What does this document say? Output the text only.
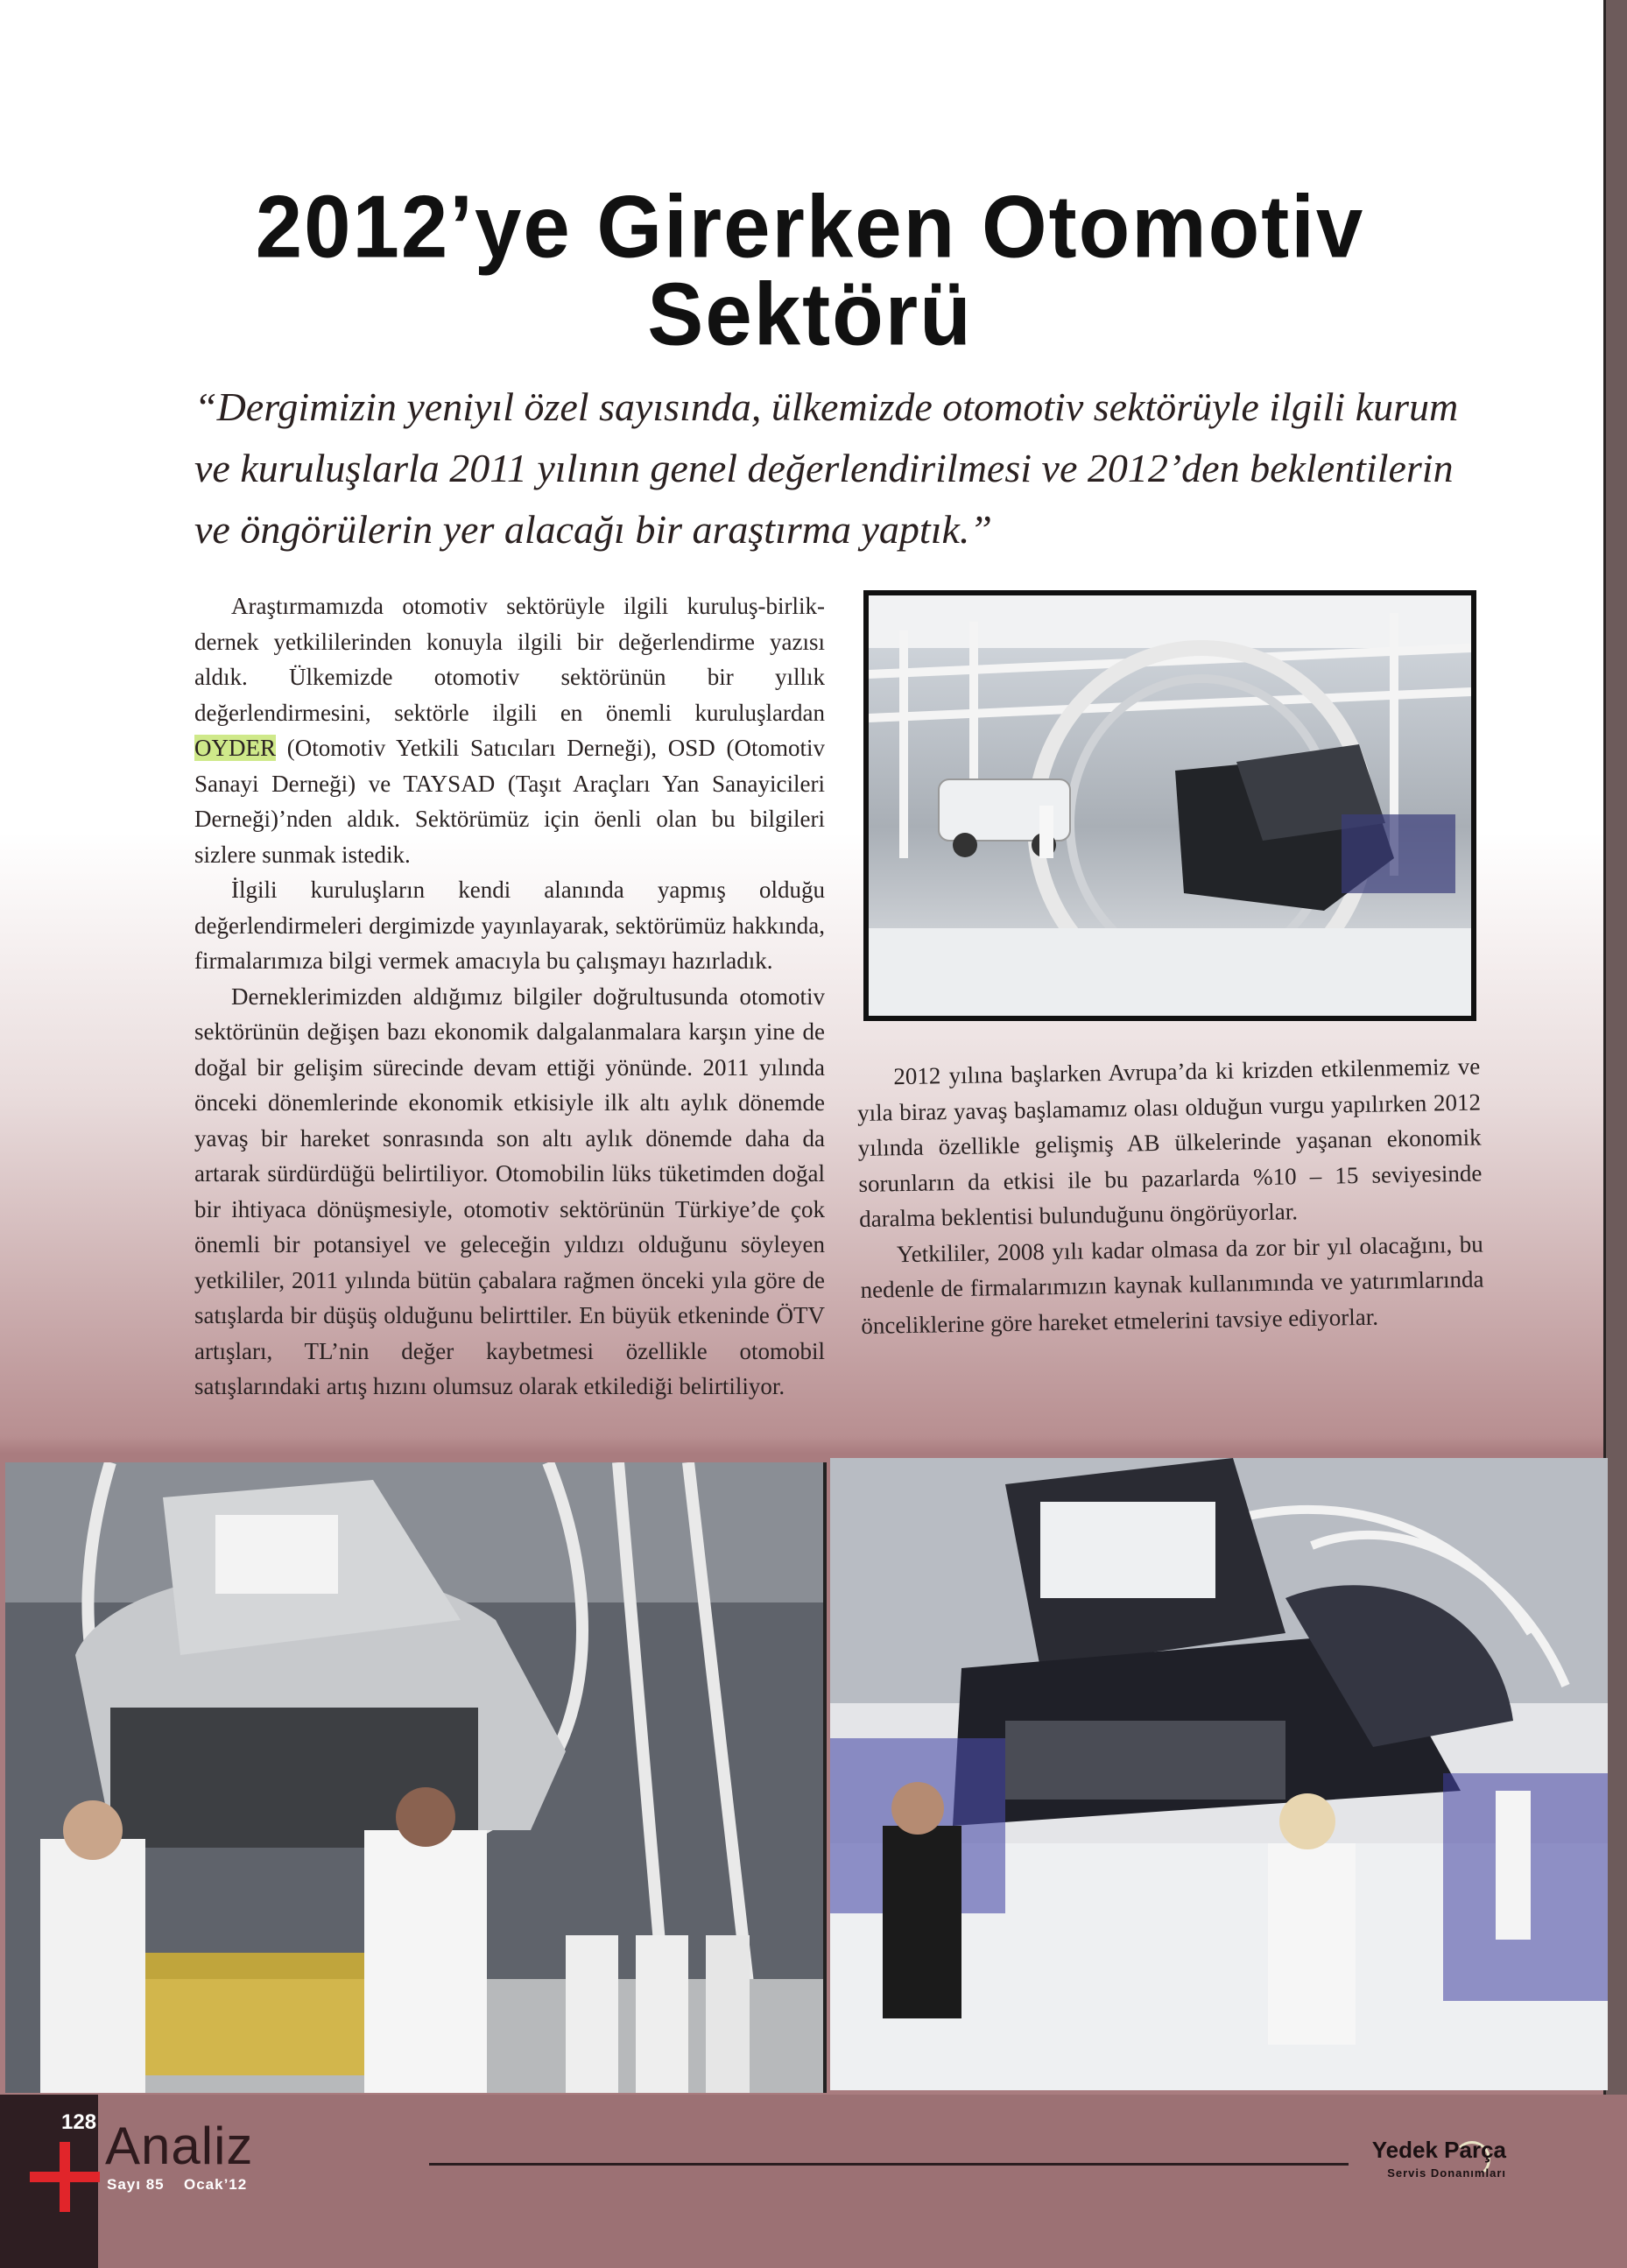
2012’ye Girerken Otomotiv
Sektörü

“Dergimizin yeniyıl özel sayısında, ülkemizde otomotiv sektörüyle ilgili kurum ve kuruluşlarla 2011 yılının genel değerlendirilmesi ve 2012’den beklentilerin ve öngörülerin yer alacağı bir araştırma yaptık.”

Araştırmamızda otomotiv sektörüyle ilgili kuruluş-birlik-dernek yetkililerinden konuyla ilgili bir değerlendirme yazısı aldık. Ülkemizde otomotiv sektörünün bir yıllık değerlendirmesini, sektörle ilgili en önemli kuruluşlardan OYDER (Otomotiv Yetkili Satıcıları Derneği), OSD (Otomotiv Sanayi Derneği) ve TAYSAD (Taşıt Araçları Yan Sanayicileri Derneği)’nden aldık. Sektörümüz için öenli olan bu bilgileri sizlere sunmak istedik.

İlgili kuruluşların kendi alanında yapmış olduğu değerlendirmeleri dergimizde yayınlayarak, sektörümüz hakkında, firmalarımıza bilgi vermek amacıyla bu çalışmayı hazırladık.

Derneklerimizden aldığımız bilgiler doğrultusunda otomotiv sektörünün değişen bazı ekonomik dalgalanmalara karşın yine de doğal bir gelişim sürecinde devam ettiği yönünde. 2011 yılında önceki dönemlerinde ekonomik etkisiyle ilk altı aylık dönemde yavaş bir hareket sonrasında son altı aylık dönemde daha da artarak sürdürdüğü belirtiliyor. Otomobilin lüks tüketimden doğal bir ihtiyaca dönüşmesiyle, otomotiv sektörünün Türkiye’de çok önemli bir potansiyel ve geleceğin yıldızı olduğunu söyleyen yetkililer, 2011 yılında bütün çabalara rağmen önceki yıla göre de satışlarda bir düşüş olduğunu belirttiler. En büyük etkeninde ÖTV artışları, TL’nin değer kaybetmesi özellikle otomobil satışlarındaki artış hızını olumsuz olarak etkilediği belirtiliyor.

2012 yılına başlarken Avrupa’da ki krizden etkilenmemiz ve yıla biraz yavaş başlamamız olası olduğun vurgu yapılırken 2012 yılında özellikle gelişmiş AB ülkelerinde yaşanan ekonomik sorunların da etkisi ile bu pazarlarda %10 – 15 seviyesinde daralma beklentisi bulunduğunu öngörüyorlar.

Yetkililer, 2008 yılı kadar olmasa da zor bir yıl olacağını, bu nedenle de firmalarımızın kaynak kullanımında ve yatırımlarında önceliklerine göre hareket etmelerini tavsiye ediyorlar.

128 Analiz
Sayı 85 Ocak’12
Yedek Parça
Servis Donanımları
